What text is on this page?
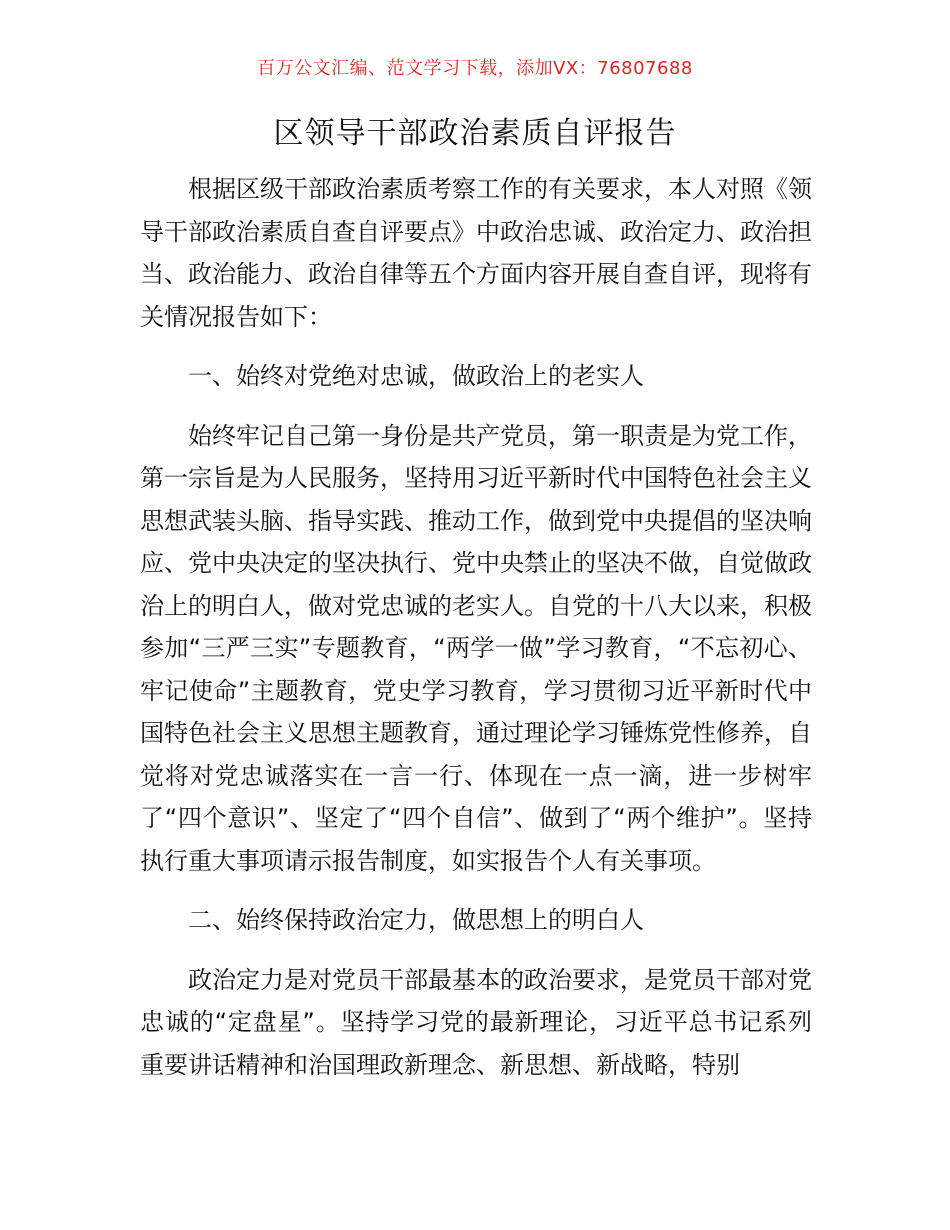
百万公文汇编、范文学习下载，添加VX：76807688
区领导干部政治素质自评报告

根据区级干部政治素质考察工作的有关要求，本人对照《领导干部政治素质自查自评要点》中政治忠诚、政治定力、政治担当、政治能力、政治自律等五个方面内容开展自查自评，现将有关情况报告如下：

一、始终对党绝对忠诚，做政治上的老实人

始终牢记自己第一身份是共产党员，第一职责是为党工作，第一宗旨是为人民服务，坚持用习近平新时代中国特色社会主义思想武装头脑、指导实践、推动工作，做到党中央提倡的坚决响应、党中央决定的坚决执行、党中央禁止的坚决不做，自觉做政治上的明白人，做对党忠诚的老实人。自党的十八大以来，积极参加“三严三实”专题教育，“两学一做”学习教育，“不忘初心、牢记使命”主题教育，党史学习教育，学习贯彻习近平新时代中国特色社会主义思想主题教育，通过理论学习锤炼党性修养，自觉将对党忠诚落实在一言一行、体现在一点一滴，进一步树牢了“四个意识”、坚定了“四个自信”、做到了“两个维护”。坚持执行重大事项请示报告制度，如实报告个人有关事项。

二、始终保持政治定力，做思想上的明白人

政治定力是对党员干部最基本的政治要求，是党员干部对党忠诚的“定盘星”。坚持学习党的最新理论，习近平总书记系列重要讲话精神和治国理政新理念、新思想、新战略，特别
